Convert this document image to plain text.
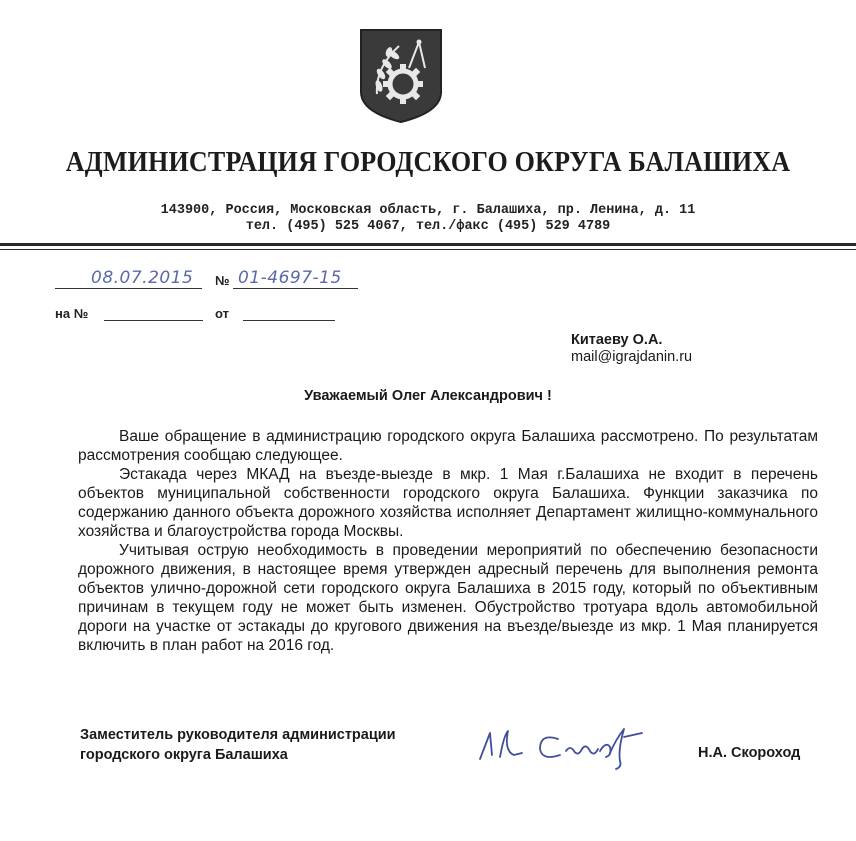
АДМИНИСТРАЦИЯ ГОРОДСКОГО ОКРУГА БАЛАШИХА
143900, Россия, Московская область, г. Балашиха, пр. Ленина, д. 11
тел. (495) 525 4067, тел./факс (495) 529 4789
08.07.2015 № 01-4697-15
на №	от
Китаеву О.А.
mail@igrajdanin.ru
Уважаемый Олег Александрович !

Ваше обращение в администрацию городского округа Балашиха рассмотрено. По результатам рассмотрения сообщаю следующее.

Эстакада через МКАД на въезде-выезде в мкр. 1 Мая г.Балашиха не входит в перечень объектов муниципальной собственности городского округа Балашиха. Функции заказчика по содержанию данного объекта дорожного хозяйства исполняет Департамент жилищно-коммунального хозяйства и благоустройства города Москвы.

Учитывая острую необходимость в проведении мероприятий по обеспечению безопасности дорожного движения, в настоящее время утвержден адресный перечень для выполнения ремонта объектов улично-дорожной сети городского округа Балашиха в 2015 году, который по объективным причинам в текущем году не может быть изменен. Обустройство тротуара вдоль автомобильной дороги на участке от эстакады до кругового движения на въезде/выезде из мкр. 1 Мая планируется включить в план работ на 2016 год.

Заместитель руководителя администрации
городского округа Балашиха	Н.А. Скороход
